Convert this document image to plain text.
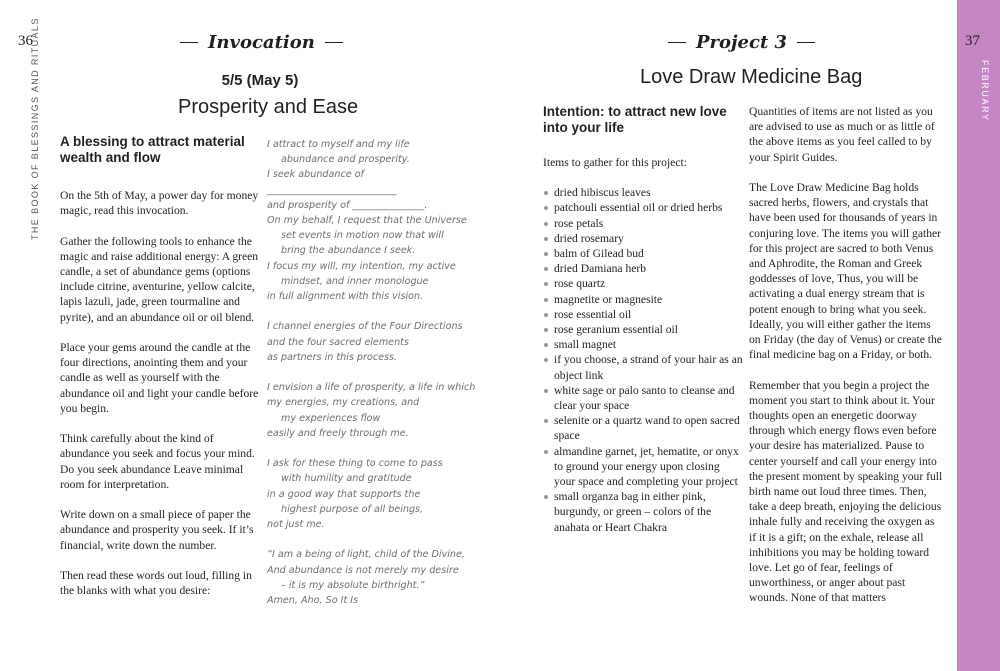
36
THE BOOK OF BLESSINGS AND RITUALS	Invocation
5/5 (May 5)
Prosperity and Ease
A blessing to attract material wealth and flow

On the 5th of May, a power day for money magic, read this invocation.

Gather the following tools to enhance the magic and raise additional energy: A green candle, a set of abundance gems (options include citrine, aventurine, yellow calcite, lapis lazuli, jade, green tourmaline and pyrite), and an abundance oil or oil blend.

Place your gems around the candle at the four directions, anointing them and your candle as well as yourself with the abundance oil and light your candle before you begin.

Think carefully about the kind of abundance you seek and focus your mind. Do you seek abundance Leave minimal room for interpretation.

Write down on a small piece of paper the abundance and prosperity you seek. If it’s financial, write down the number.

Then read these words out loud, filling in the blanks with what you desire:

I attract to myself and my life
abundance and prosperity.
I seek abundance of
___________________________
and prosperity of _______________.
On my behalf, I request that the Universe
set events in motion now that will
bring the abundance I seek.
I focus my will, my intention, my active
mindset, and inner monologue
in full alignment with this vision.
I channel energies of the Four Directions
and the four sacred elements
as partners in this process.
I envision a life of prosperity, a life in which
my energies, my creations, and
my experiences flow
easily and freely through me.
I ask for these thing to come to pass
with humility and gratitude
in a good way that supports the
highest purpose of all beings,
not just me.
“I am a being of light, child of the Divine,
And abundance is not merely my desire
– it is my absolute birthright.”
Amen, Aho, So It Is
Project 3
Love Draw Medicine Bag
Intention: to attract new love into your life

Items to gather for this project:

dried hibiscus leaves
patchouli essential oil or dried herbs
rose petals
dried rosemary
balm of Gilead bud
dried Damiana herb
rose quartz
magnetite or magnesite
rose essential oil
rose geranium essential oil
small magnet
if you choose, a strand of your hair as an object link
white sage or palo santo to cleanse and clear your space
selenite or a quartz wand to open sacred space
almandine garnet, jet, hematite, or onyx to ground your energy upon closing your space and completing your project
small organza bag in either pink, burgundy, or green – colors of the anahata or Heart Chakra

Quantities of items are not listed as you are advised to use as much or as little of the above items as you feel called to by your Spirit Guides.

The Love Draw Medicine Bag holds sacred herbs, flowers, and crystals that have been used for thousands of years in conjuring love. The items you will gather for this project are sacred to both Venus and Aphrodite, the Roman and Greek goddesses of love, Thus, you will be activating a dual energy stream that is potent enough to bring what you seek. Ideally, you will either gather the items on Friday (the day of Venus) or create the final medicine bag on a Friday, or both.

Remember that you begin a project the moment you start to think about it. Your thoughts open an energetic doorway through which energy flows even before your desire has materialized. Pause to center yourself and call your energy into the present moment by speaking your full birth name out loud three times. Then, take a deep breath, enjoying the delicious inhale fully and receiving the oxygen as if it is a gift; on the exhale, release all inhibitions you may be holding toward love. Let go of fear, feelings of unworthiness, or anger about past wounds. None of that matters

37
FEBRUARY
